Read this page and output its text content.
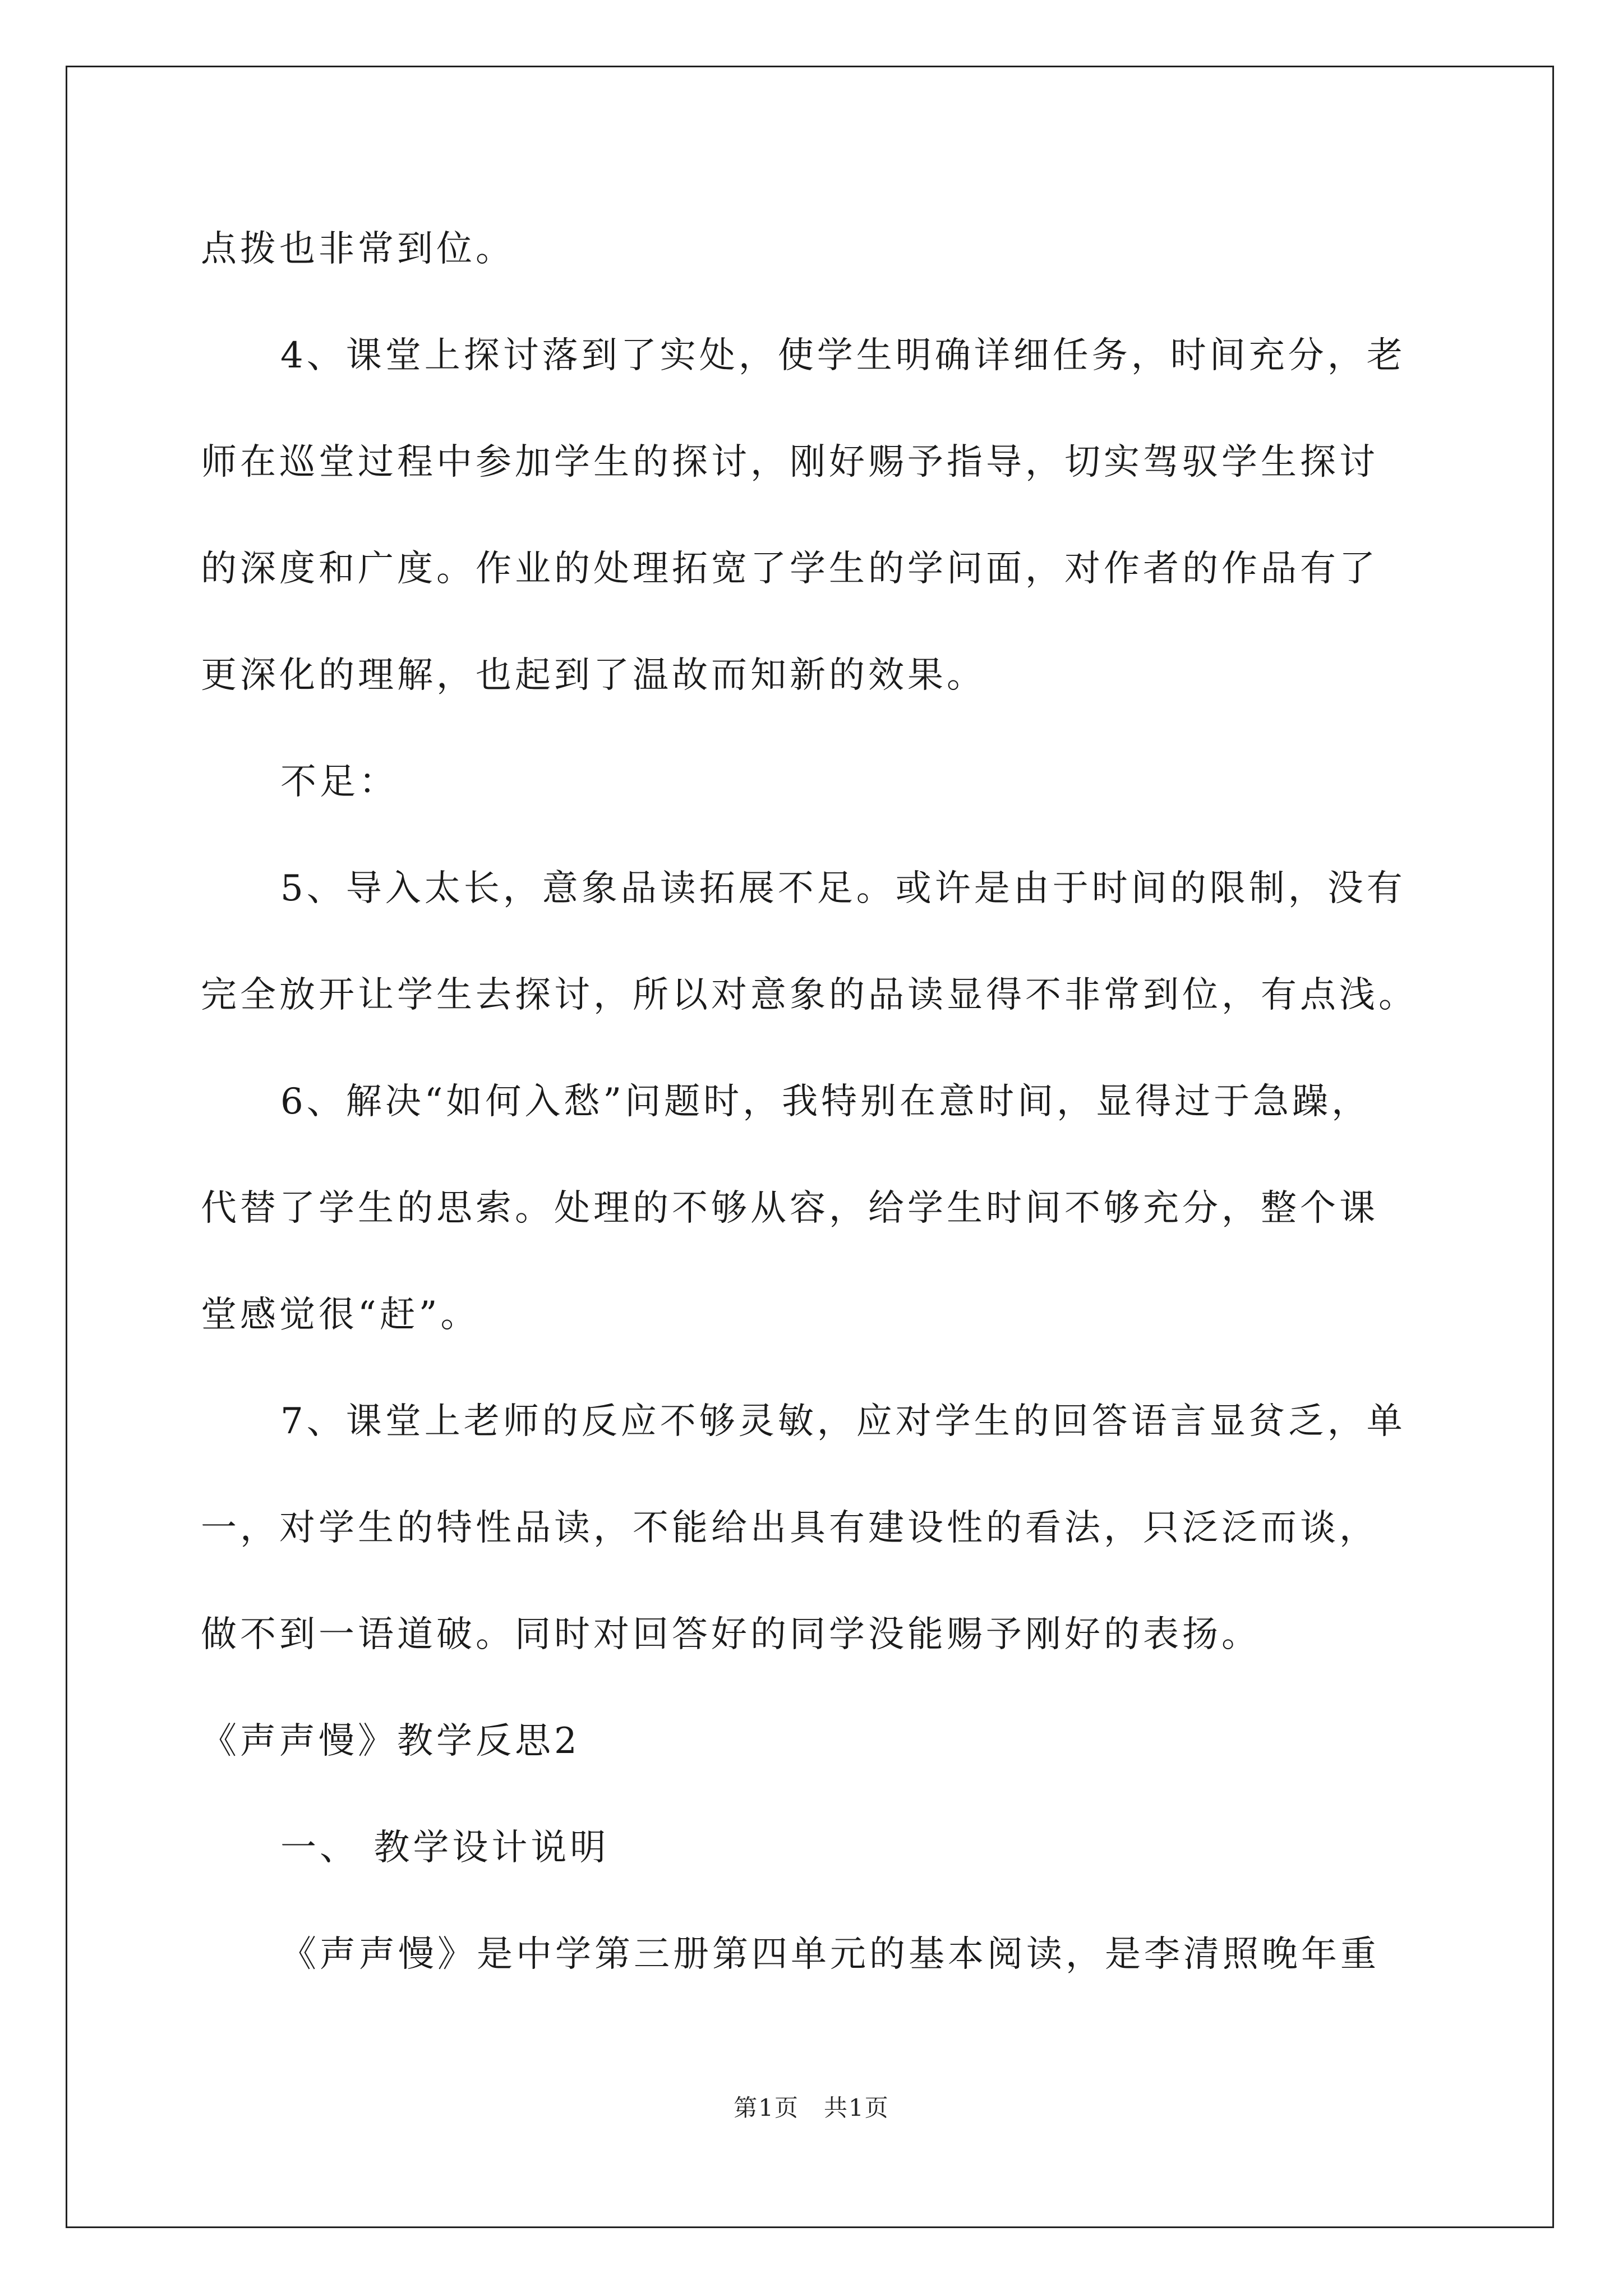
点拨也非常到位。
4、课堂上探讨落到了实处，使学生明确详细任务，时间充分，老
师在巡堂过程中参加学生的探讨，刚好赐予指导，切实驾驭学生探讨
的深度和广度。作业的处理拓宽了学生的学问面，对作者的作品有了
更深化的理解，也起到了温故而知新的效果。
不足：
5、导入太长，意象品读拓展不足。或许是由于时间的限制，没有
完全放开让学生去探讨，所以对意象的品读显得不非常到位，有点浅。
6、解决“如何入愁”问题时，我特别在意时间，显得过于急躁，
代替了学生的思索。处理的不够从容，给学生时间不够充分，整个课
堂感觉很“赶”。
7、课堂上老师的反应不够灵敏，应对学生的回答语言显贫乏，单
一，对学生的特性品读，不能给出具有建设性的看法，只泛泛而谈，
做不到一语道破。同时对回答好的同学没能赐予刚好的表扬。
《声声慢》教学反思2
一、 教学设计说明
《声声慢》是中学第三册第四单元的基本阅读，是李清照晚年重
第1页　共1页
